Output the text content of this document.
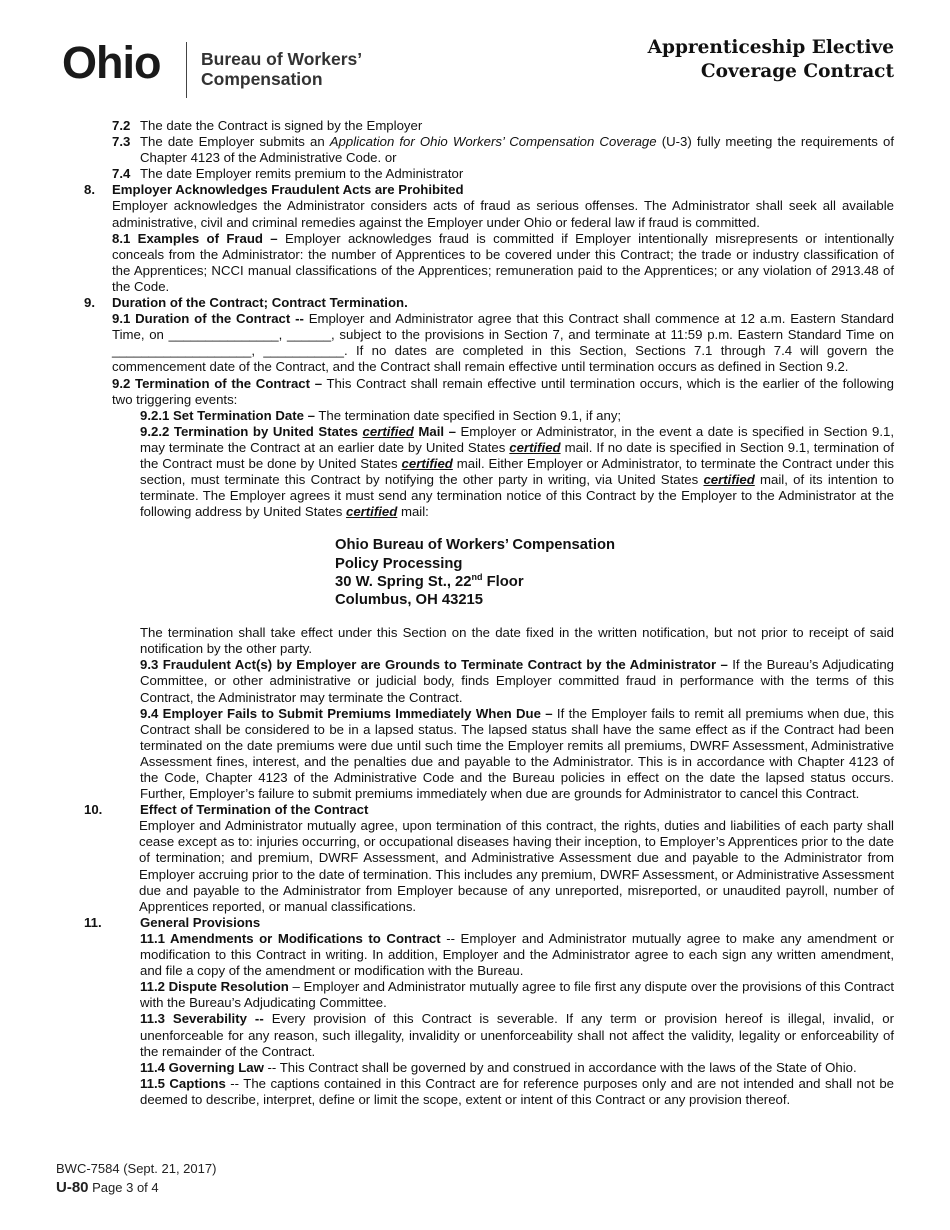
Ohio Bureau of Workers’
Compensation
Apprenticeship Elective
Coverage Contract
7.2 The date the Contract is signed by the Employer
7.3 The date Employer submits an Application for Ohio Workers’ Compensation Coverage (U-3) fully meeting the requirements of Chapter 4123 of the Administrative Code. or
7.4 The date Employer remits premium to the Administrator
8. Employer Acknowledges Fraudulent Acts are Prohibited
Employer acknowledges the Administrator considers acts of fraud as serious offenses. The Administrator shall seek all available administrative, civil and criminal remedies against the Employer under Ohio or federal law if fraud is committed.
8.1 Examples of Fraud – Employer acknowledges fraud is committed if Employer intentionally misrepresents or intentionally conceals from the Administrator: the number of Apprentices to be covered under this Contract; the trade or industry classification of the Apprentices; NCCI manual classifications of the Apprentices; remuneration paid to the Apprentices; or any violation of 2913.48 of the Code.
9. Duration of the Contract; Contract Termination.
9.1 Duration of the Contract -- Employer and Administrator agree that this Contract shall commence at 12 a.m. Eastern Standard Time, on _______________, ______, subject to the provisions in Section 7, and terminate at 11:59 p.m. Eastern Standard Time on ___________________, ___________. If no dates are completed in this Section, Sections 7.1 through 7.4 will govern the commencement date of the Contract, and the Contract shall remain effective until termination occurs as defined in Section 9.2.
9.2 Termination of the Contract – This Contract shall remain effective until termination occurs, which is the earlier of the following two triggering events:
9.2.1 Set Termination Date – The termination date specified in Section 9.1, if any;
9.2.2 Termination by United States certified Mail – Employer or Administrator, in the event a date is specified in Section 9.1, may terminate the Contract at an earlier date by United States certified mail. If no date is specified in Section 9.1, termination of the Contract must be done by United States certified mail. Either Employer or Administrator, to terminate the Contract under this section, must terminate this Contract by notifying the other party in writing, via United States certified mail, of its intention to terminate. The Employer agrees it must send any termination notice of this Contract by the Employer to the Administrator at the following address by United States certified mail:
Ohio Bureau of Workers’ Compensation
Policy Processing
30 W. Spring St., 22nd Floor
Columbus, OH 43215
The termination shall take effect under this Section on the date fixed in the written notification, but not prior to receipt of said notification by the other party.
9.3 Fraudulent Act(s) by Employer are Grounds to Terminate Contract by the Administrator – If the Bureau’s Adjudicating Committee, or other administrative or judicial body, finds Employer committed fraud in performance with the terms of this Contract, the Administrator may terminate the Contract.
9.4 Employer Fails to Submit Premiums Immediately When Due – If the Employer fails to remit all premiums when due, this Contract shall be considered to be in a lapsed status. The lapsed status shall have the same effect as if the Contract had been terminated on the date premiums were due until such time the Employer remits all premiums, DWRF Assessment, Administrative Assessment fines, interest, and the penalties due and payable to the Administrator. This is in accordance with Chapter 4123 of the Code, Chapter 4123 of the Administrative Code and the Bureau policies in effect on the date the lapsed status occurs. Further, Employer’s failure to submit premiums immediately when due are grounds for Administrator to cancel this Contract.
10.	Effect of Termination of the Contract
Employer and Administrator mutually agree, upon termination of this contract, the rights, duties and liabilities of each party shall cease except as to: injuries occurring, or occupational diseases having their inception, to Employer’s Apprentices prior to the date of termination; and premium, DWRF Assessment, and Administrative Assessment due and payable to the Administrator from Employer accruing prior to the date of termination. This includes any premium, DWRF Assessment, or Administrative Assessment due and payable to the Administrator from Employer because of any unreported, misreported, or unaudited payroll, number of Apprentices reported, or manual classifications.
11.	General Provisions
11.1 Amendments or Modifications to Contract -- Employer and Administrator mutually agree to make any amendment or modification to this Contract in writing. In addition, Employer and the Administrator agree to each sign any written amendment, and file a copy of the amendment or modification with the Bureau.
11.2 Dispute Resolution – Employer and Administrator mutually agree to file first any dispute over the provisions of this Contract with the Bureau’s Adjudicating Committee.
11.3 Severability -- Every provision of this Contract is severable. If any term or provision hereof is illegal, invalid, or unenforceable for any reason, such illegality, invalidity or unenforceability shall not affect the validity, legality or enforceability of the remainder of the Contract.
11.4 Governing Law -- This Contract shall be governed by and construed in accordance with the laws of the State of Ohio.
11.5 Captions -- The captions contained in this Contract are for reference purposes only and are not intended and shall not be deemed to describe, interpret, define or limit the scope, extent or intent of this Contract or any provision thereof.
BWC-7584 (Sept. 21, 2017)
U-80 Page 3 of 4
